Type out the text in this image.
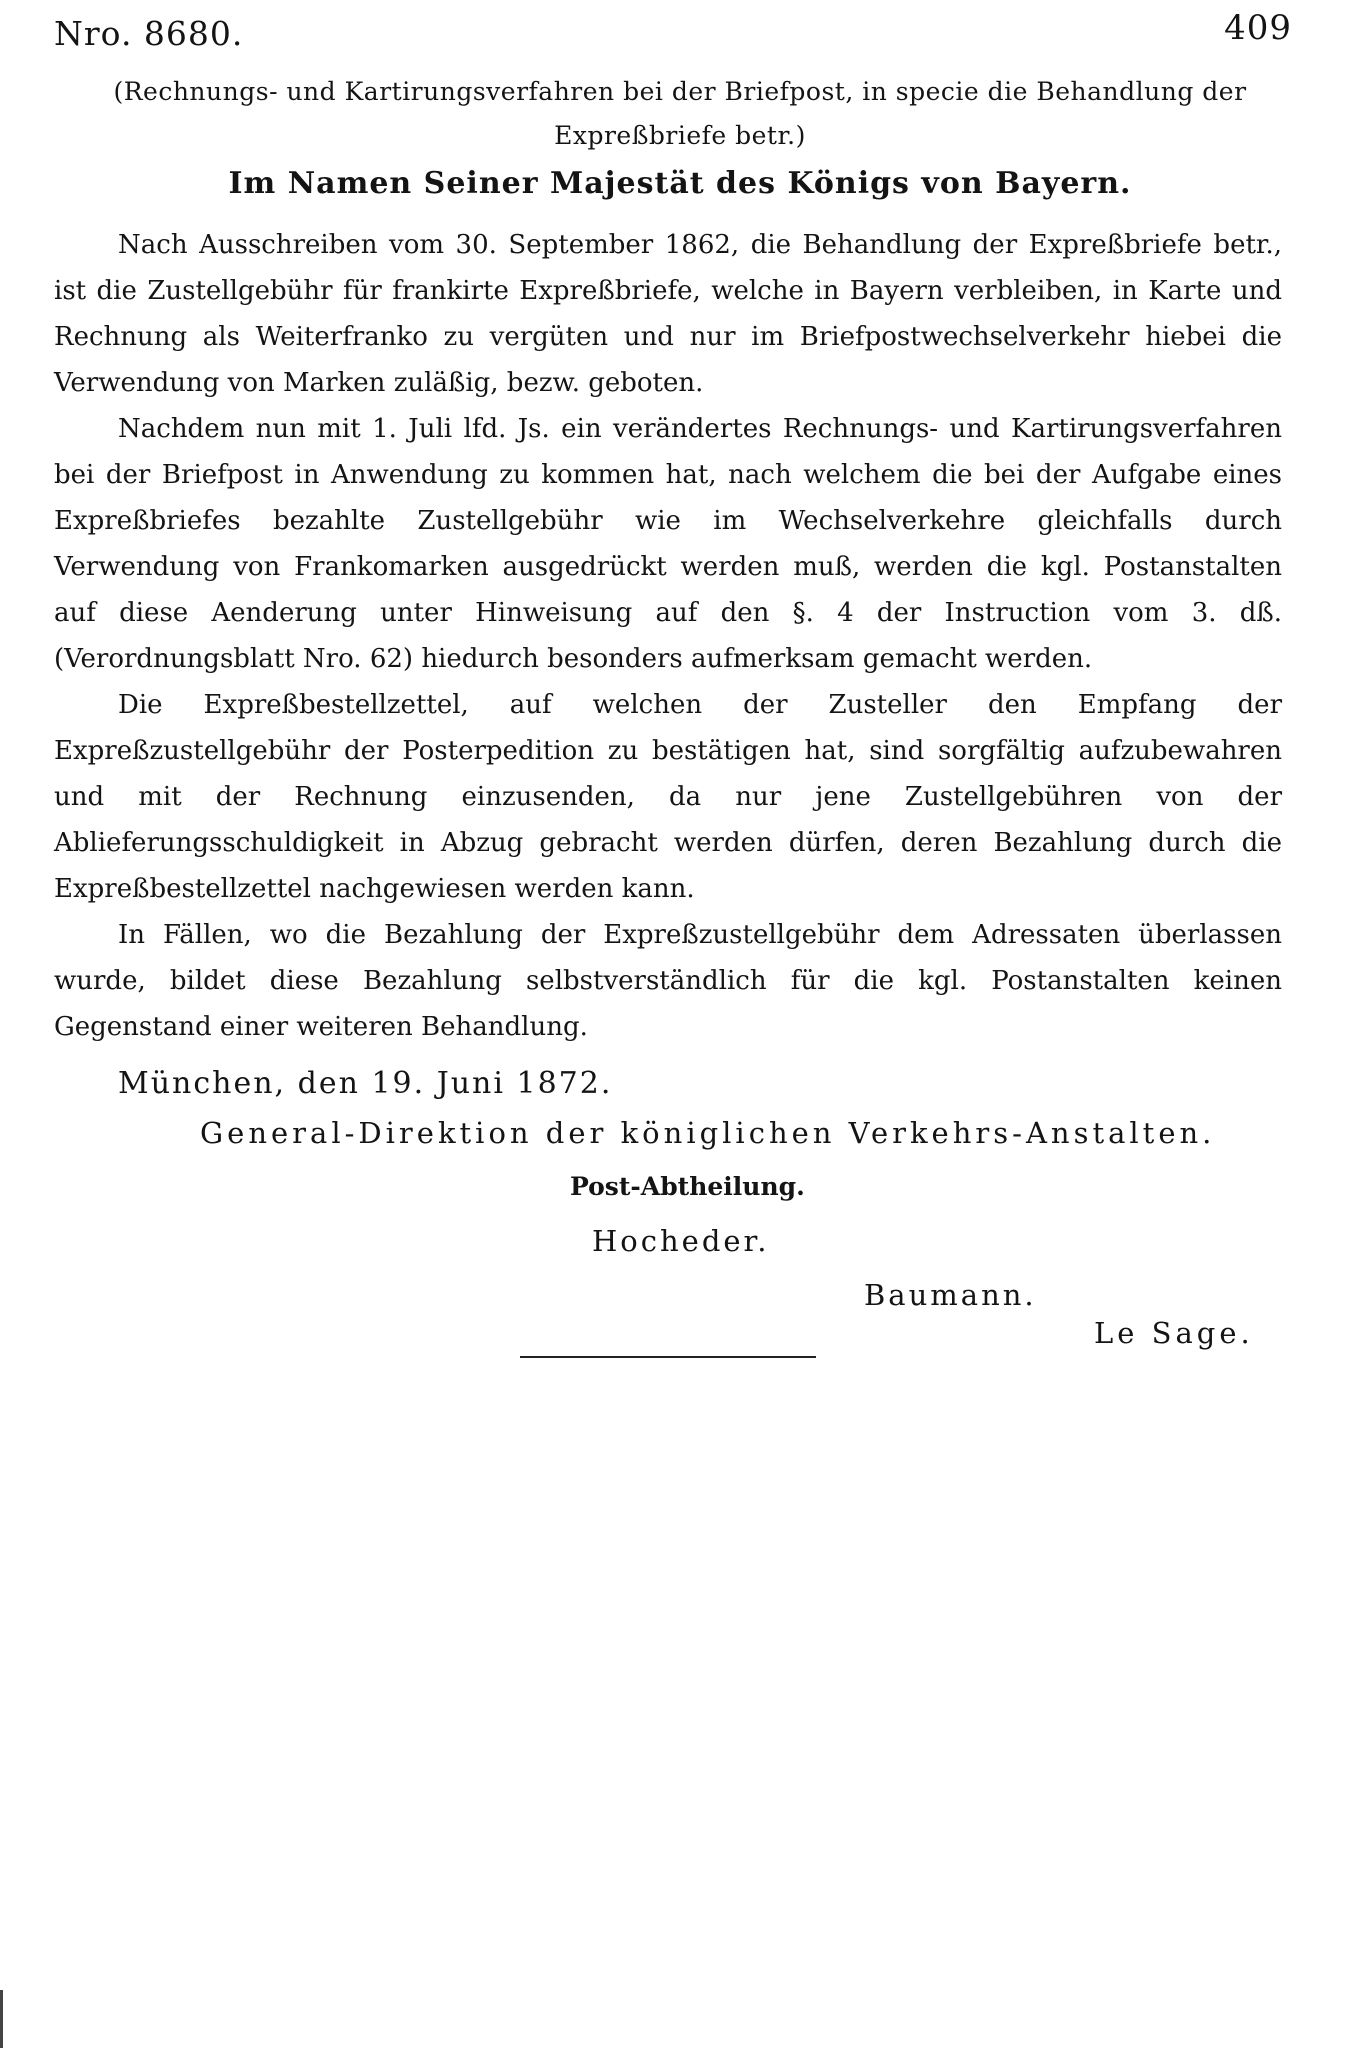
Nro. 8680.	409
(Rechnungs- und Kartirungsverfahren bei der Briefpost, in specie die Behandlung der Expreßbriefe betr.)
Im Namen Seiner Majestät des Königs von Bayern.

Nach Ausschreiben vom 30. September 1862, die Behandlung der Expreßbriefe betr., ist die Zustellgebühr für frankirte Expreßbriefe, welche in Bayern verbleiben, in Karte und Rechnung als Weiterfranko zu vergüten und nur im Briefpostwechselverkehr hiebei die Verwendung von Marken zuläßig, bezw. geboten.

Nachdem nun mit 1. Juli lfd. Js. ein verändertes Rechnungs- und Kartirungsverfahren bei der Briefpost in Anwendung zu kommen hat, nach welchem die bei der Aufgabe eines Expreßbriefes bezahlte Zustellgebühr wie im Wechselverkehre gleichfalls durch Verwendung von Frankomarken ausgedrückt werden muß, werden die kgl. Postanstalten auf diese Aenderung unter Hinweisung auf den §. 4 der Instruction vom 3. dß. (Verordnungsblatt Nro. 62) hiedurch besonders aufmerksam gemacht werden.

Die Expreßbestellzettel, auf welchen der Zusteller den Empfang der Expreßzustellgebühr der Posterpedition zu bestätigen hat, sind sorgfältig aufzubewahren und mit der Rechnung einzusenden, da nur jene Zustellgebühren von der Ablieferungsschuldigkeit in Abzug gebracht werden dürfen, deren Bezahlung durch die Expreßbestellzettel nachgewiesen werden kann.

In Fällen, wo die Bezahlung der Expreßzustellgebühr dem Adressaten überlassen wurde, bildet diese Bezahlung selbstverständlich für die kgl. Postanstalten keinen Gegenstand einer weiteren Behandlung.

München, den 19. Juni 1872.
General-Direktion der königlichen Verkehrs-Anstalten.
Post-Abtheilung.
Hocheder.
Baumann.
Le Sage.
